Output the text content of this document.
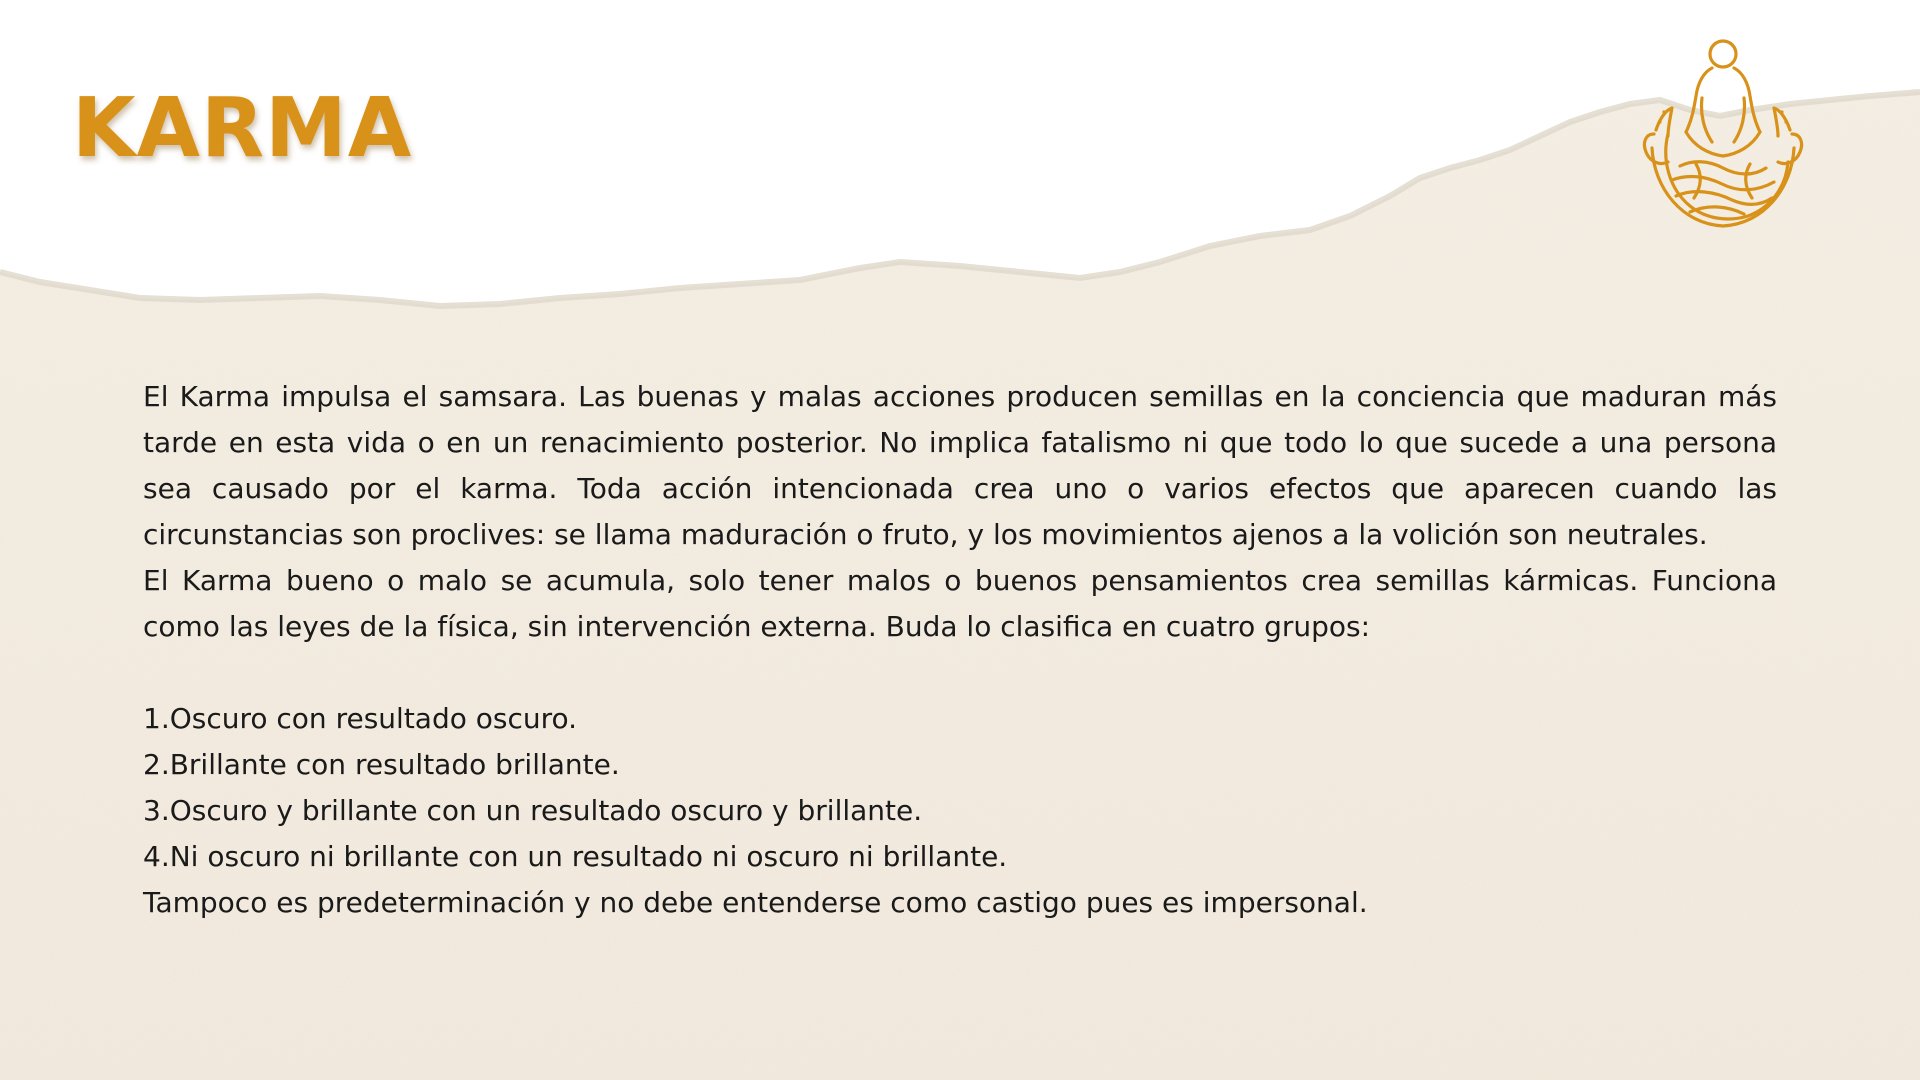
KARMA

El Karma impulsa el samsara. Las buenas y malas acciones producen semillas en la conciencia que maduran más tarde en esta vida o en un renacimiento posterior. No implica fatalismo ni que todo lo que sucede a una persona sea causado por el karma. Toda acción intencionada crea uno o varios efectos que aparecen cuando las circunstancias son proclives: se llama maduración o fruto, y los movimientos ajenos a la volición son neutrales.

El Karma bueno o malo se acumula, solo tener malos o buenos pensamientos crea semillas kármicas. Funciona como las leyes de la física, sin intervención externa. Buda lo clasifica en cuatro grupos:

1.Oscuro con resultado oscuro.

2.Brillante con resultado brillante.

3.Oscuro y brillante con un resultado oscuro y brillante.

4.Ni oscuro ni brillante con un resultado ni oscuro ni brillante.

Tampoco es predeterminación y no debe entenderse como castigo pues es impersonal.
